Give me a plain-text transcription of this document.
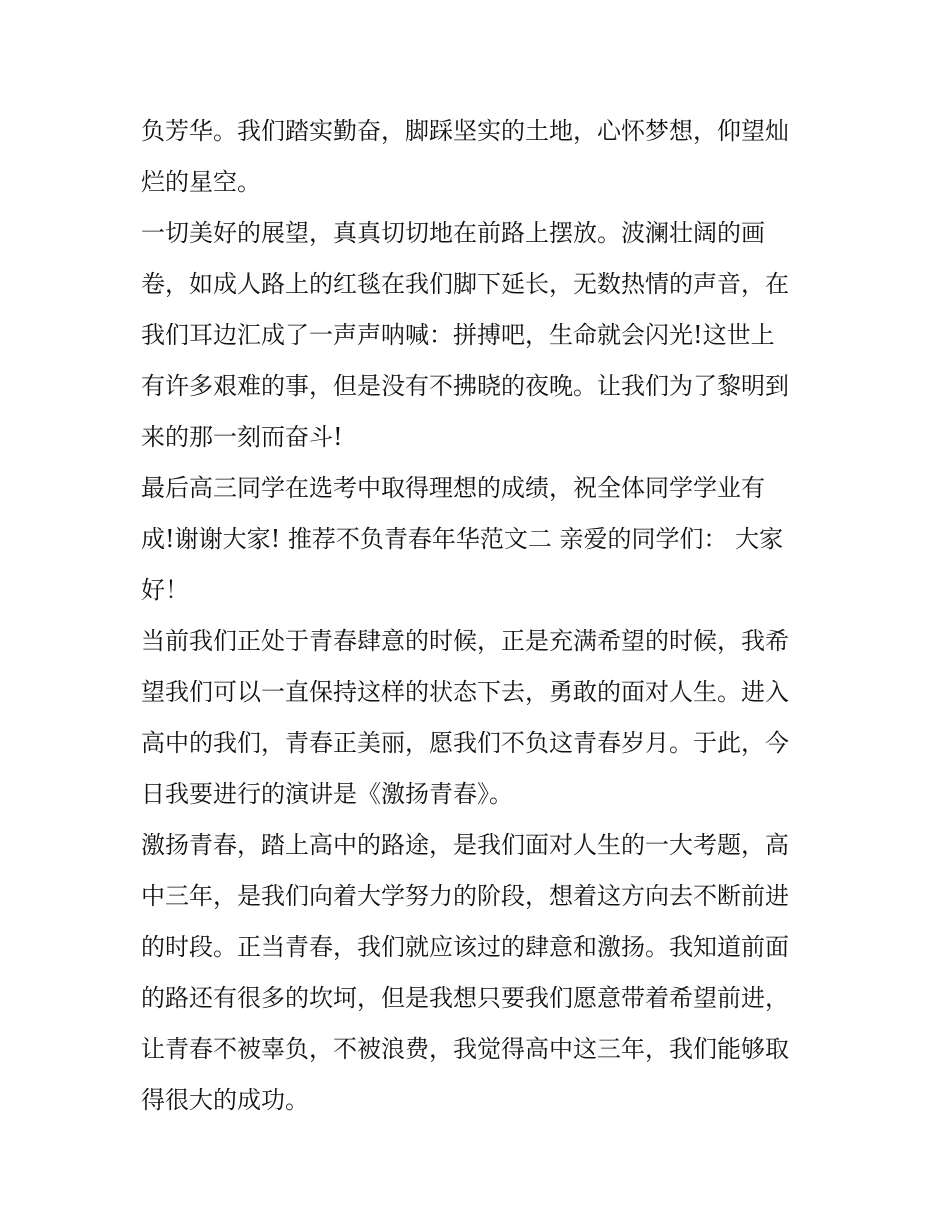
负芳华。我们踏实勤奋，脚踩坚实的土地，心怀梦想，仰望灿
烂的星空。
一切美好的展望，真真切切地在前路上摆放。波澜壮阔的画
卷，如成人路上的红毯在我们脚下延长，无数热情的声音，在
我们耳边汇成了一声声呐喊：拼搏吧，生命就会闪光!这世上
有许多艰难的事，但是没有不拂晓的夜晚。让我们为了黎明到
来的那一刻而奋斗!
最后高三同学在选考中取得理想的成绩，祝全体同学学业有
成!谢谢大家! 推荐不负青春年华范文二 亲爱的同学们： 大家
好！
当前我们正处于青春肆意的时候，正是充满希望的时候，我希
望我们可以一直保持这样的状态下去，勇敢的面对人生。进入
高中的我们，青春正美丽，愿我们不负这青春岁月。于此，今
日我要进行的演讲是《激扬青春》。
激扬青春，踏上高中的路途，是我们面对人生的一大考题，高
中三年，是我们向着大学努力的阶段，想着这方向去不断前进
的时段。正当青春，我们就应该过的肆意和激扬。我知道前面
的路还有很多的坎坷，但是我想只要我们愿意带着希望前进，
让青春不被辜负，不被浪费，我觉得高中这三年，我们能够取
得很大的成功。
